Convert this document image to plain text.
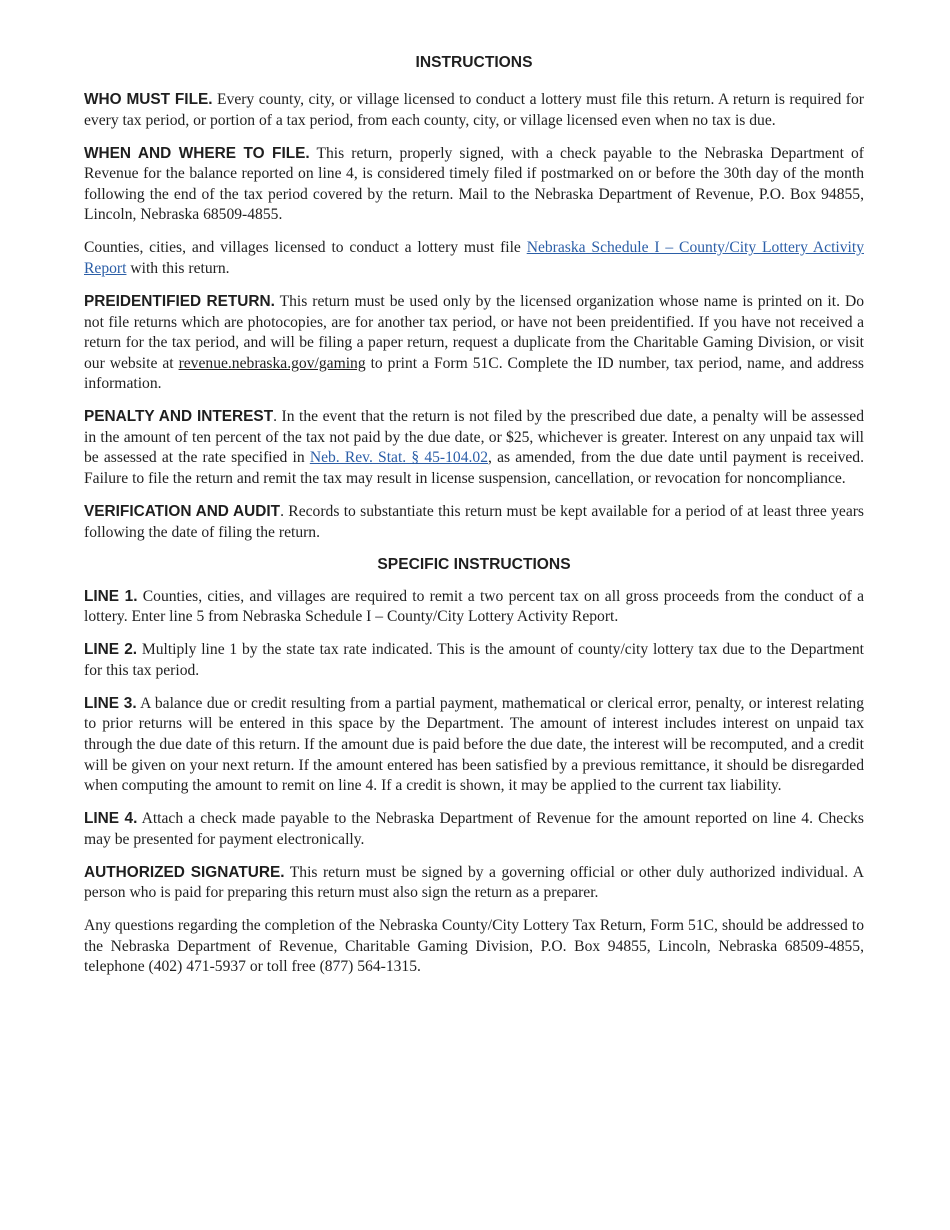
INSTRUCTIONS

WHO MUST FILE. Every county, city, or village licensed to conduct a lottery must file this return. A return is required for every tax period, or portion of a tax period, from each county, city, or village licensed even when no tax is due.

WHEN AND WHERE TO FILE. This return, properly signed, with a check payable to the Nebraska Department of Revenue for the balance reported on line 4, is considered timely filed if postmarked on or before the 30th day of the month following the end of the tax period covered by the return. Mail to the Nebraska Department of Revenue, P.O. Box 94855, Lincoln, Nebraska 68509-4855.

Counties, cities, and villages licensed to conduct a lottery must file Nebraska Schedule I – County/City Lottery Activity Report with this return.

PREIDENTIFIED RETURN. This return must be used only by the licensed organization whose name is printed on it. Do not file returns which are photocopies, are for another tax period, or have not been preidentified. If you have not received a return for the tax period, and will be filing a paper return, request a duplicate from the Charitable Gaming Division, or visit our website at revenue.nebraska.gov/gaming to print a Form 51C. Complete the ID number, tax period, name, and address information.

PENALTY AND INTEREST. In the event that the return is not filed by the prescribed due date, a penalty will be assessed in the amount of ten percent of the tax not paid by the due date, or $25, whichever is greater. Interest on any unpaid tax will be assessed at the rate specified in Neb. Rev. Stat. § 45-104.02, as amended, from the due date until payment is received. Failure to file the return and remit the tax may result in license suspension, cancellation, or revocation for noncompliance.

VERIFICATION AND AUDIT. Records to substantiate this return must be kept available for a period of at least three years following the date of filing the return.

SPECIFIC INSTRUCTIONS

LINE 1. Counties, cities, and villages are required to remit a two percent tax on all gross proceeds from the conduct of a lottery. Enter line 5 from Nebraska Schedule I – County/City Lottery Activity Report.

LINE 2. Multiply line 1 by the state tax rate indicated. This is the amount of county/city lottery tax due to the Department for this tax period.

LINE 3. A balance due or credit resulting from a partial payment, mathematical or clerical error, penalty, or interest relating to prior returns will be entered in this space by the Department. The amount of interest includes interest on unpaid tax through the due date of this return. If the amount due is paid before the due date, the interest will be recomputed, and a credit will be given on your next return. If the amount entered has been satisfied by a previous remittance, it should be disregarded when computing the amount to remit on line 4. If a credit is shown, it may be applied to the current tax liability.

LINE 4. Attach a check made payable to the Nebraska Department of Revenue for the amount reported on line 4. Checks may be presented for payment electronically.

AUTHORIZED SIGNATURE. This return must be signed by a governing official or other duly authorized individual. A person who is paid for preparing this return must also sign the return as a preparer.

Any questions regarding the completion of the Nebraska County/City Lottery Tax Return, Form 51C, should be addressed to the Nebraska Department of Revenue, Charitable Gaming Division, P.O. Box 94855, Lincoln, Nebraska 68509-4855, telephone (402) 471-5937 or toll free (877) 564-1315.
